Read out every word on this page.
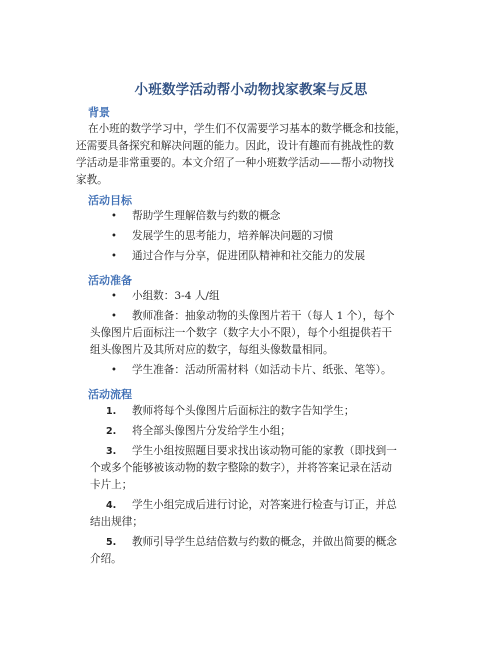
小班数学活动帮小动物找家教案与反思
背景
在小班的数学学习中，学生们不仅需要学习基本的数学概念和技能，
还需要具备探究和解决问题的能力。因此，设计有趣而有挑战性的数
学活动是非常重要的。本文介绍了一种小班数学活动——帮小动物找
家教。
活动目标
• 帮助学生理解倍数与约数的概念
• 发展学生的思考能力，培养解决问题的习惯
• 通过合作与分享，促进团队精神和社交能力的发展
活动准备
• 小组数：3-4 人/组
• 教师准备：抽象动物的头像图片若干（每人 1 个），每个
头像图片后面标注一个数字（数字大小不限），每个小组提供若干
组头像图片及其所对应的数字，每组头像数量相同。
• 学生准备：活动所需材料（如活动卡片、纸张、笔等）。
活动流程
1. 教师将每个头像图片后面标注的数字告知学生；
2. 将全部头像图片分发给学生小组；
3. 学生小组按照题目要求找出该动物可能的家教（即找到一
个或多个能够被该动物的数字整除的数字），并将答案记录在活动
卡片上；
4. 学生小组完成后进行讨论，对答案进行检查与订正，并总
结出规律；
5. 教师引导学生总结倍数与约数的概念，并做出简要的概念
介绍。
